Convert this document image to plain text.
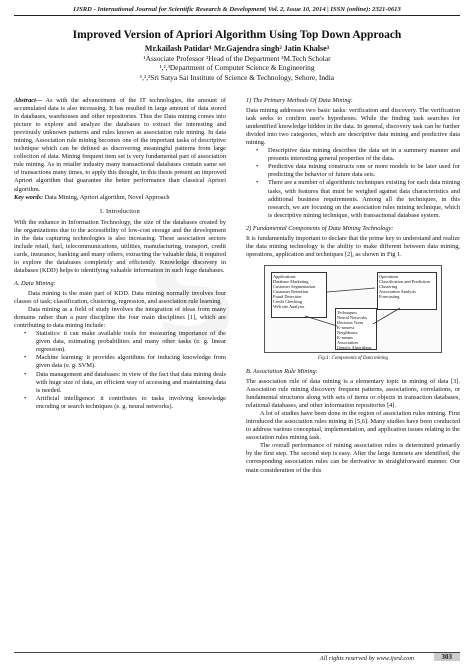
IJSRD - International Journal for Scientific Research & Development| Vol. 2, Issue 10, 2014 | ISSN (online): 2321-0613
Improved Version of Apriori Algorithm Using Top Down Approach
Mr.kailash Patidar¹ Mr.Gajendra singh² Jatin Khalse³
¹Associate Professor ²Head of the Department ³M.Tech Scholar
¹,²,³Department of Computer Science & Engineering
¹,²,³Sri Satya Sai Institute of Science & Technology, Sehore, India

Abstract— As with the advancement of the IT technologies, the amount of accumulated data is also increasing. It has resulted in large amount of data stored in databases, warehouses and other repositories. Thus the Data mining comes into picture to explore and analyze the databases to extract the interesting and previously unknown patterns and rules known as association rule mining. In data mining, Association rule mining becomes one of the important tasks of descriptive technique which can be defined as discovering meaningful patterns from large collection of data. Mining frequent item set is very fundamental part of association rule mining. As in retailer industry many transactional databases contain same set of transactions many times, to apply this thought, in this thesis present an improved Apriori algorithm that guarantee the better performance than classical Apriori algorithm.

Key words: Data Mining, Apriori algorithm, Novel Approach

I. Introduction

With the enhance in Information Technology, the size of the databases created by the organizations due to the accessibility of low-cost storage and the development in the data capturing technologies is also increasing. These association sectors include retail, fuel, telecommunications, utilities, manufacturing, transport, credit cards, insurance, banking and many others, extracting the valuable data, it required to explore the databases completely and efficiently. Knowledge discovery in databases (KDD) helps to identifying valuable information in such huge databases.

A. Data Mining:

Data mining is the main part of KDD. Data mining normally involves four classes of task; classification, clustering, regression, and association rule learning

Data mining as a field of study involves the integration of ideas from many domains rather than a pure discipline the four main disciplines [1], which are contributing to data mining include:

• Statistics: it can make available tools for measuring importance of the given data, estimating probabilities and many other tasks (e. g. linear regression).
• Machine learning: it provides algorithms for inducing knowledge from given data (e. g. SVM).
• Data management and databases: in view of the fact that data mining deals with huge size of data, an efficient way of accessing and maintaining data is needed.
• Artificial intelligence: it contributes to tasks involving knowledge encoding or search techniques (e. g. neural networks).
1) The Primary Methods Of Data Mining:

Data mining addresses two basic tasks: verification and discovery. The verification task seeks to confirm user's hypotheses. While the finding task searches for unidentified knowledge hidden in the data. In general, discovery task can be further divided into two categories, which are descriptive data mining and predictive data mining.

• Descriptive data mining describes the data set in a summery manner and presents interesting general properties of the data.
• Predictive data mining constructs one or more models to be later used for predicting the behavior of future data sets.
• There are a number of algorithmic techniques existing for each data mining tasks, with features that must be weighed against data characteristics and additional business requirements. Among all the techniques, in this research, we are focusing on the association rules mining technique, which is descriptive mining technique, with transactional database system.
2) Fundamental Components of Data Mining Technology:

It is fundamentally important to declare that the prime key to understand and realize the data mining technology is the ability to make different between data mining, operations, application and techniques [2], as shown in Fig 1.

Applications
Database Marketing
Customer Segmentation
Customer Retention
Fraud Detection
Credit Checking
Web site Analysis
Operations
Classification and Prediction
Clustering
Association Analysis
Forecasting
Techniques
Neural Networks
Decision Trees
K-nearest Neighbours
K-means
Association
Genetic Algorithms
Fig.1: Components of Data mining
B. Association Rule Mining:

The association rule of data mining is a elementary topic in mining of data [3]. Association rule mining discovery frequent patterns, associations, correlations, or fundamental structures along with sets of items or objects in transaction databases, relational databases, and other information repositories [4].

A lot of studies have been done in the region of association rules mining. First introduced the association rules mining in [5,6]. Many studies have been conducted to address various conceptual, implementation, and application issues relating to the association rules mining task.

The overall performance of mining association rules is determined primarily by the first step. The second step is easy. After the large itemsets are identified, the corresponding association rules can be derivative in straightforward manner. Our main consideration of the this

All rights reserved by www.ijsrd.com	303
